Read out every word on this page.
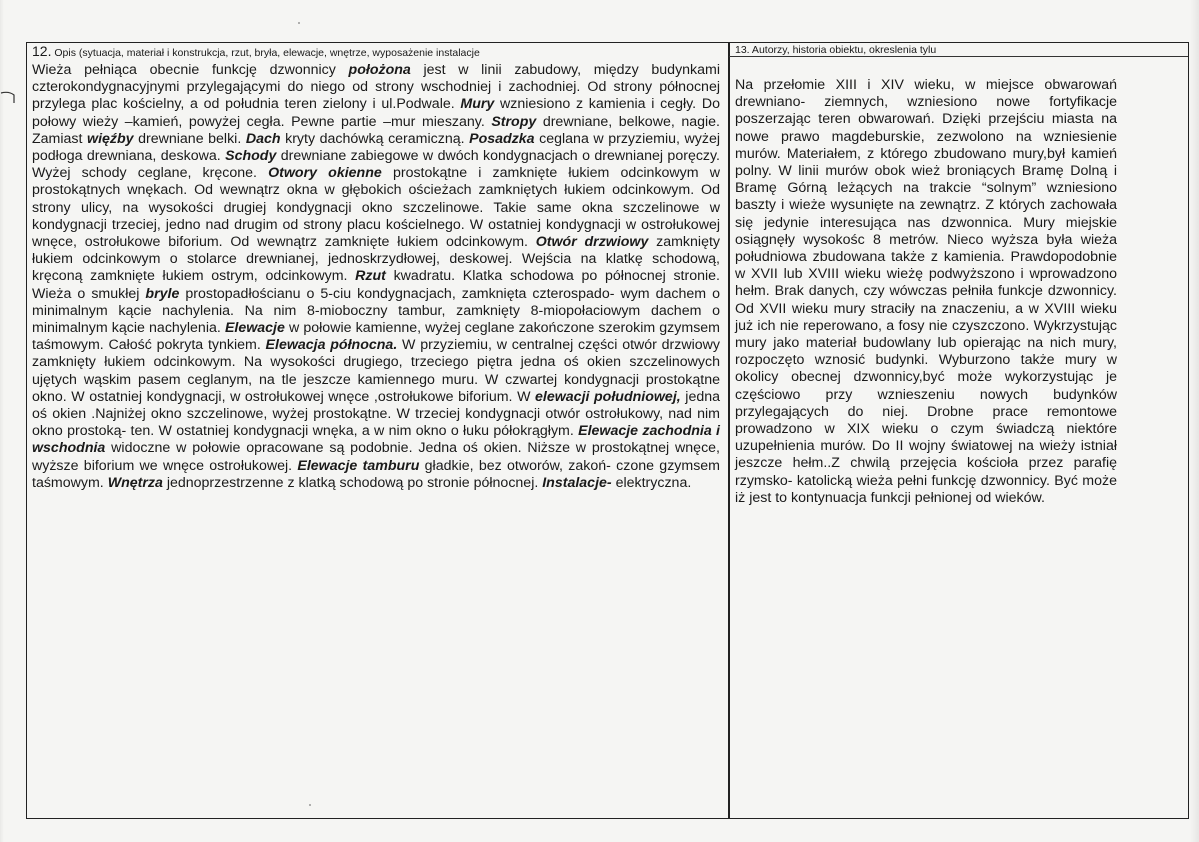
12. Opis (sytuacja, materiał i konstrukcja, rzut, bryła, elewacje, wnętrze, wyposażenie instalacje
Wieża pełniąca obecnie funkcję dzwonnicy położona jest w linii zabudowy, między budynkami czterokondygnacyjnymi przylegającymi do niego od strony wschodniej i zachodniej. Od strony północnej przylega plac kościelny, a od południa teren zielony i ul.Podwale. Mury wzniesiono z kamienia i cegły. Do połowy wieży –kamień, powyżej cegła. Pewne partie –mur mieszany. Stropy drewniane, belkowe, nagie. Zamiast więźby drewniane belki. Dach kryty dachówką ceramiczną. Posadzka ceglana w przyziemiu, wyżej podłoga drewniana, deskowa. Schody drewniane zabiegowe w dwóch kondygnacjach o drewnianej poręczy. Wyżej schody ceglane, kręcone. Otwory okienne prostokątne i zamknięte łukiem odcinkowym w prostokątnych wnękach. Od wewnątrz okna w głębokich ościeżach zamkniętych łukiem odcinkowym. Od strony ulicy, na wysokości drugiej kondygnacji okno szczelinowe. Takie same okna szczelinowe w kondygnacji trzeciej, jedno nad drugim od strony placu kościelnego. W ostatniej kondygnacji w ostrołukowej wnęce, ostrołukowe biforium. Od wewnątrz zamknięte łukiem odcinkowym. Otwór drzwiowy zamknięty łukiem odcinkowym o stolarce drewnianej, jednoskrzydłowej, deskowej. Wejścia na klatkę schodową, kręconą zamknięte łukiem ostrym, odcinkowym. Rzut kwadratu. Klatka schodowa po północnej stronie. Wieża o smukłej bryle prostopadłościanu o 5-ciu kondygnacjach, zamknięta czterospado- wym dachem o minimalnym kącie nachylenia. Na nim 8-mioboczny tambur, zamknięty 8-miopołaciowym dachem o minimalnym kącie nachylenia. Elewacje w połowie kamienne, wyżej ceglane zakończone szerokim gzymsem taśmowym. Całość pokryta tynkiem. Elewacja północna. W przyziemiu, w centralnej części otwór drzwiowy zamknięty łukiem odcinkowym. Na wysokości drugiego, trzeciego piętra jedna oś okien szczelinowych ujętych wąskim pasem ceglanym, na tle jeszcze kamiennego muru. W czwartej kondygnacji prostokątne okno. W ostatniej kondygnacji, w ostrołukowej wnęce ,ostrołukowe biforium. W elewacji południowej, jedna oś okien .Najniżej okno szczelinowe, wyżej prostokątne. W trzeciej kondygnacji otwór ostrołukowy, nad nim okno prostoką- ten. W ostatniej kondygnacji wnęka, a w nim okno o łuku półokrągłym. Elewacje zachodnia i wschodnia widoczne w połowie opracowane są podobnie. Jedna oś okien. Niższe w prostokątnej wnęce, wyższe biforium we wnęce ostrołukowej. Elewacje tamburu gładkie, bez otworów, zakoń- czone gzymsem taśmowym. Wnętrza jednoprzestrzenne z klatką schodową po stronie północnej. Instalacje- elektryczna.
13. Autorzy, historia obiektu, okreslenia tylu
Na przełomie XIII i XIV wieku, w miejsce obwarowań drewniano- ziemnych, wzniesiono nowe fortyfikacje poszerzając teren obwarowań. Dzięki przejściu miasta na nowe prawo magdeburskie, zezwolono na wzniesienie murów. Materiałem, z którego zbudowano mury,był kamień polny. W linii murów obok wież broniących Bramę Dolną i Bramę Górną leżących na trakcie “solnym” wzniesiono baszty i wieże wysunięte na zewnątrz. Z których zachowała się jedynie interesująca nas dzwonnica. Mury miejskie osiągnęły wysokośc 8 metrów. Nieco wyższa była wieża południowa zbudowana także z kamienia. Prawdopodobnie w XVII lub XVIII wieku wieżę podwyższono i wprowadzono hełm. Brak danych, czy wówczas pełniła funkcje dzwonnicy. Od XVII wieku mury straciły na znaczeniu, a w XVIII wieku już ich nie reperowano, a fosy nie czyszczono. Wykrzystując mury jako materiał budowlany lub opierając na nich mury, rozpoczęto wznosić budynki. Wyburzono także mury w okolicy obecnej dzwonnicy,być może wykorzystując je częściowo przy wznieszeniu nowych budynków przylegających do niej. Drobne prace remontowe prowadzono w XIX wieku o czym świadczą niektóre uzupełnienia murów. Do II wojny światowej na wieży istniał jeszcze hełm..Z chwilą przejęcia kościoła przez parafię rzymsko- katolicką wieża pełni funkcję dzwonnicy. Być może iż jest to kontynuacja funkcji pełnionej od wieków.
